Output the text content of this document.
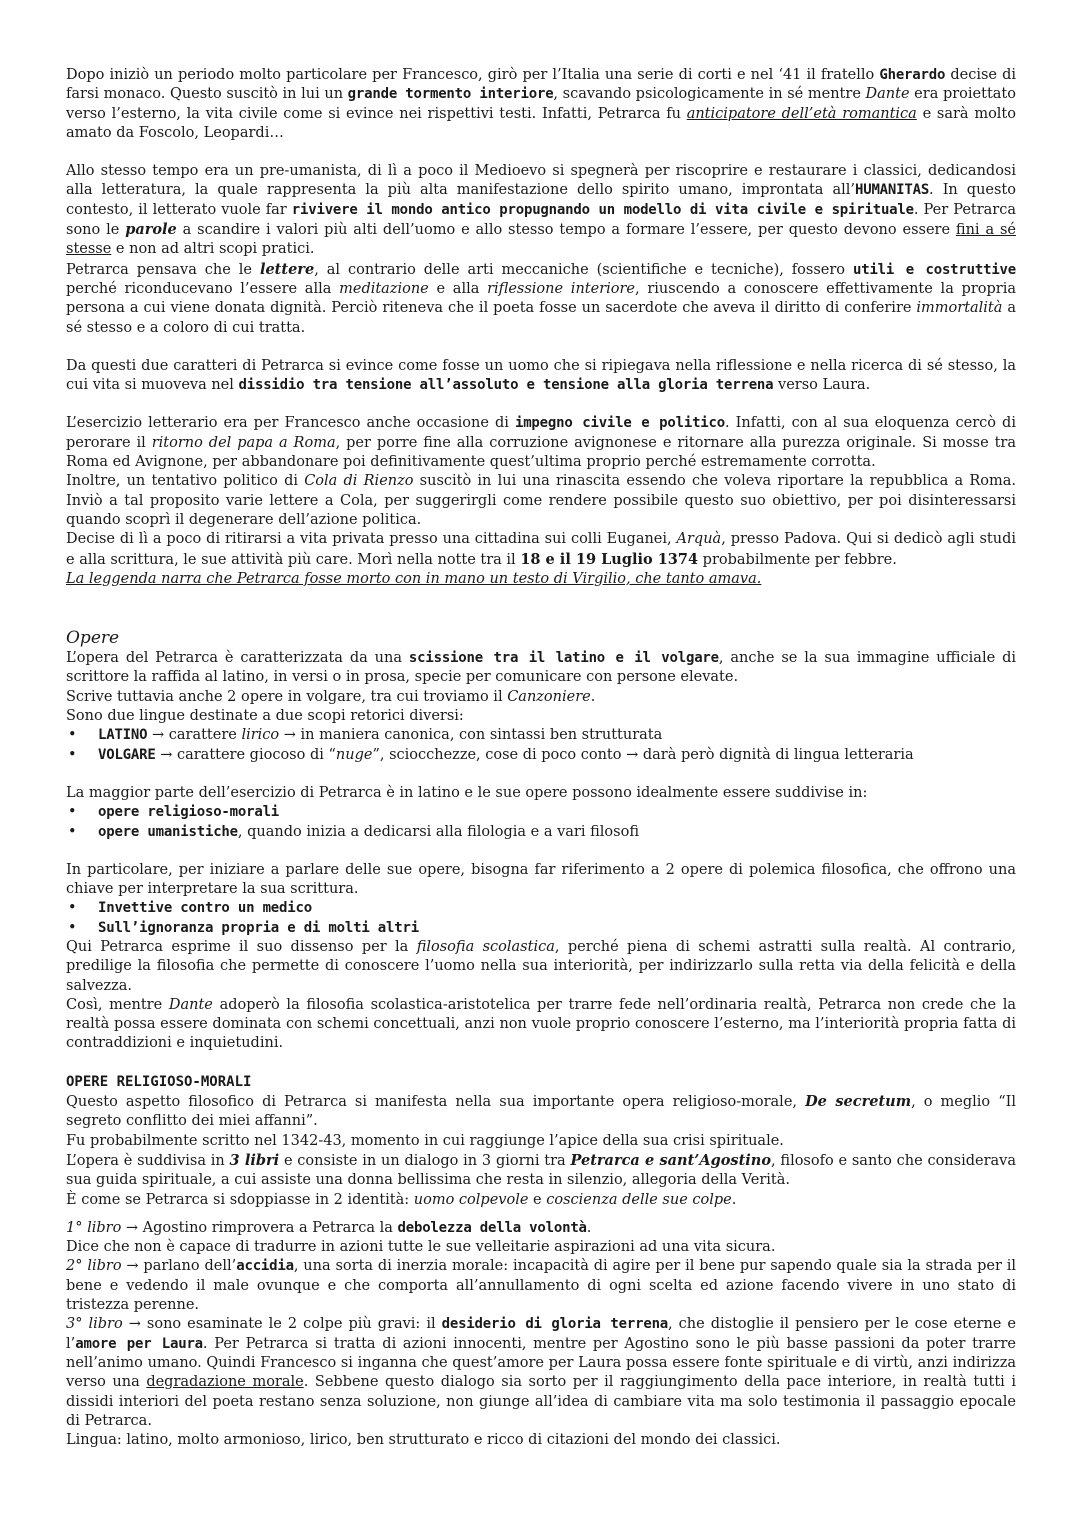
Dopo iniziò un periodo molto particolare per Francesco, girò per l’Italia una serie di corti e nel ‘41 il fratello Gherardo decise di farsi monaco. Questo suscitò in lui un grande tormento interiore, scavando psicologicamente in sé mentre Dante era proiettato verso l’esterno, la vita civile come si evince nei rispettivi testi. Infatti, Petrarca fu anticipatore dell’età romantica e sarà molto amato da Foscolo, Leopardi…

Allo stesso tempo era un pre-umanista, di lì a poco il Medioevo si spegnerà per riscoprire e restaurare i classici, dedicandosi alla letteratura, la quale rappresenta la più alta manifestazione dello spirito umano, improntata all’HUMANITAS. In questo contesto, il letterato vuole far rivivere il mondo antico propugnando un modello di vita civile e spirituale. Per Petrarca sono le parole a scandire i valori più alti dell’uomo e allo stesso tempo a formare l’essere, per questo devono essere fini a sé stesse e non ad altri scopi pratici.

Petrarca pensava che le lettere, al contrario delle arti meccaniche (scientifiche e tecniche), fossero utili e costruttive perché riconducevano l’essere alla meditazione e alla riflessione interiore, riuscendo a conoscere effettivamente la propria persona a cui viene donata dignità. Perciò riteneva che il poeta fosse un sacerdote che aveva il diritto di conferire immortalità a sé stesso e a coloro di cui tratta.

Da questi due caratteri di Petrarca si evince come fosse un uomo che si ripiegava nella riflessione e nella ricerca di sé stesso, la cui vita si muoveva nel dissidio tra tensione all’assoluto e tensione alla gloria terrena verso Laura.

L’esercizio letterario era per Francesco anche occasione di impegno civile e politico. Infatti, con al sua eloquenza cercò di perorare il ritorno del papa a Roma, per porre fine alla corruzione avignonese e ritornare alla purezza originale. Si mosse tra Roma ed Avignone, per abbandonare poi definitivamente quest’ultima proprio perché estremamente corrotta.

Inoltre, un tentativo politico di Cola di Rienzo suscitò in lui una rinascita essendo che voleva riportare la repubblica a Roma. Inviò a tal proposito varie lettere a Cola, per suggerirgli come rendere possibile questo suo obiettivo, per poi disinteressarsi quando scoprì il degenerare dell’azione politica.

Decise di lì a poco di ritirarsi a vita privata presso una cittadina sui colli Euganei, Arquà, presso Padova. Qui si dedicò agli studi e alla scrittura, le sue attività più care. Morì nella notte tra il 18 e il 19 Luglio 1374 probabilmente per febbre.

La leggenda narra che Petrarca fosse morto con in mano un testo di Virgilio, che tanto amava.

Opere

L’opera del Petrarca è caratterizzata da una scissione tra il latino e il volgare, anche se la sua immagine ufficiale di scrittore la raffida al latino, in versi o in prosa, specie per comunicare con persone elevate.

Scrive tuttavia anche 2 opere in volgare, tra cui troviamo il Canzoniere.

Sono due lingue destinate a due scopi retorici diversi:

• LATINO → carattere lirico → in maniera canonica, con sintassi ben strutturata
• VOLGARE → carattere giocoso di “nuge”, sciocchezze, cose di poco conto → darà però dignità di lingua letteraria

La maggior parte dell’esercizio di Petrarca è in latino e le sue opere possono idealmente essere suddivise in:

• opere religioso-morali
• opere umanistiche, quando inizia a dedicarsi alla filologia e a vari filosofi

In particolare, per iniziare a parlare delle sue opere, bisogna far riferimento a 2 opere di polemica filosofica, che offrono una chiave per interpretare la sua scrittura.

• Invettive contro un medico
• Sull’ignoranza propria e di molti altri

Qui Petrarca esprime il suo dissenso per la filosofia scolastica, perché piena di schemi astratti sulla realtà. Al contrario, predilige la filosofia che permette di conoscere l’uomo nella sua interiorità, per indirizzarlo sulla retta via della felicità e della salvezza.

Così, mentre Dante adoperò la filosofia scolastica-aristotelica per trarre fede nell’ordinaria realtà, Petrarca non crede che la realtà possa essere dominata con schemi concettuali, anzi non vuole proprio conoscere l’esterno, ma l’interiorità propria fatta di contraddizioni e inquietudini.

OPERE RELIGIOSO-MORALI

Questo aspetto filosofico di Petrarca si manifesta nella sua importante opera religioso-morale, De secretum, o meglio “Il segreto conflitto dei miei affanni”.

Fu probabilmente scritto nel 1342-43, momento in cui raggiunge l’apice della sua crisi spirituale.

L’opera è suddivisa in 3 libri e consiste in un dialogo in 3 giorni tra Petrarca e sant’Agostino, filosofo e santo che considerava sua guida spirituale, a cui assiste una donna bellissima che resta in silenzio, allegoria della Verità.

È come se Petrarca si sdoppiasse in 2 identità: uomo colpevole e coscienza delle sue colpe.

1° libro → Agostino rimprovera a Petrarca la debolezza della volontà.

Dice che non è capace di tradurre in azioni tutte le sue velleitarie aspirazioni ad una vita sicura.

2° libro → parlano dell’accidia, una sorta di inerzia morale: incapacità di agire per il bene pur sapendo quale sia la strada per il bene e vedendo il male ovunque e che comporta all’annullamento di ogni scelta ed azione facendo vivere in uno stato di tristezza perenne.

3° libro → sono esaminate le 2 colpe più gravi: il desiderio di gloria terrena, che distoglie il pensiero per le cose eterne e l’amore per Laura. Per Petrarca si tratta di azioni innocenti, mentre per Agostino sono le più basse passioni da poter trarre nell’animo umano. Quindi Francesco si inganna che quest’amore per Laura possa essere fonte spirituale e di virtù, anzi indirizza verso una degradazione morale. Sebbene questo dialogo sia sorto per il raggiungimento della pace interiore, in realtà tutti i dissidi interiori del poeta restano senza soluzione, non giunge all’idea di cambiare vita ma solo testimonia il passaggio epocale di Petrarca.

Lingua: latino, molto armonioso, lirico, ben strutturato e ricco di citazioni del mondo dei classici.
